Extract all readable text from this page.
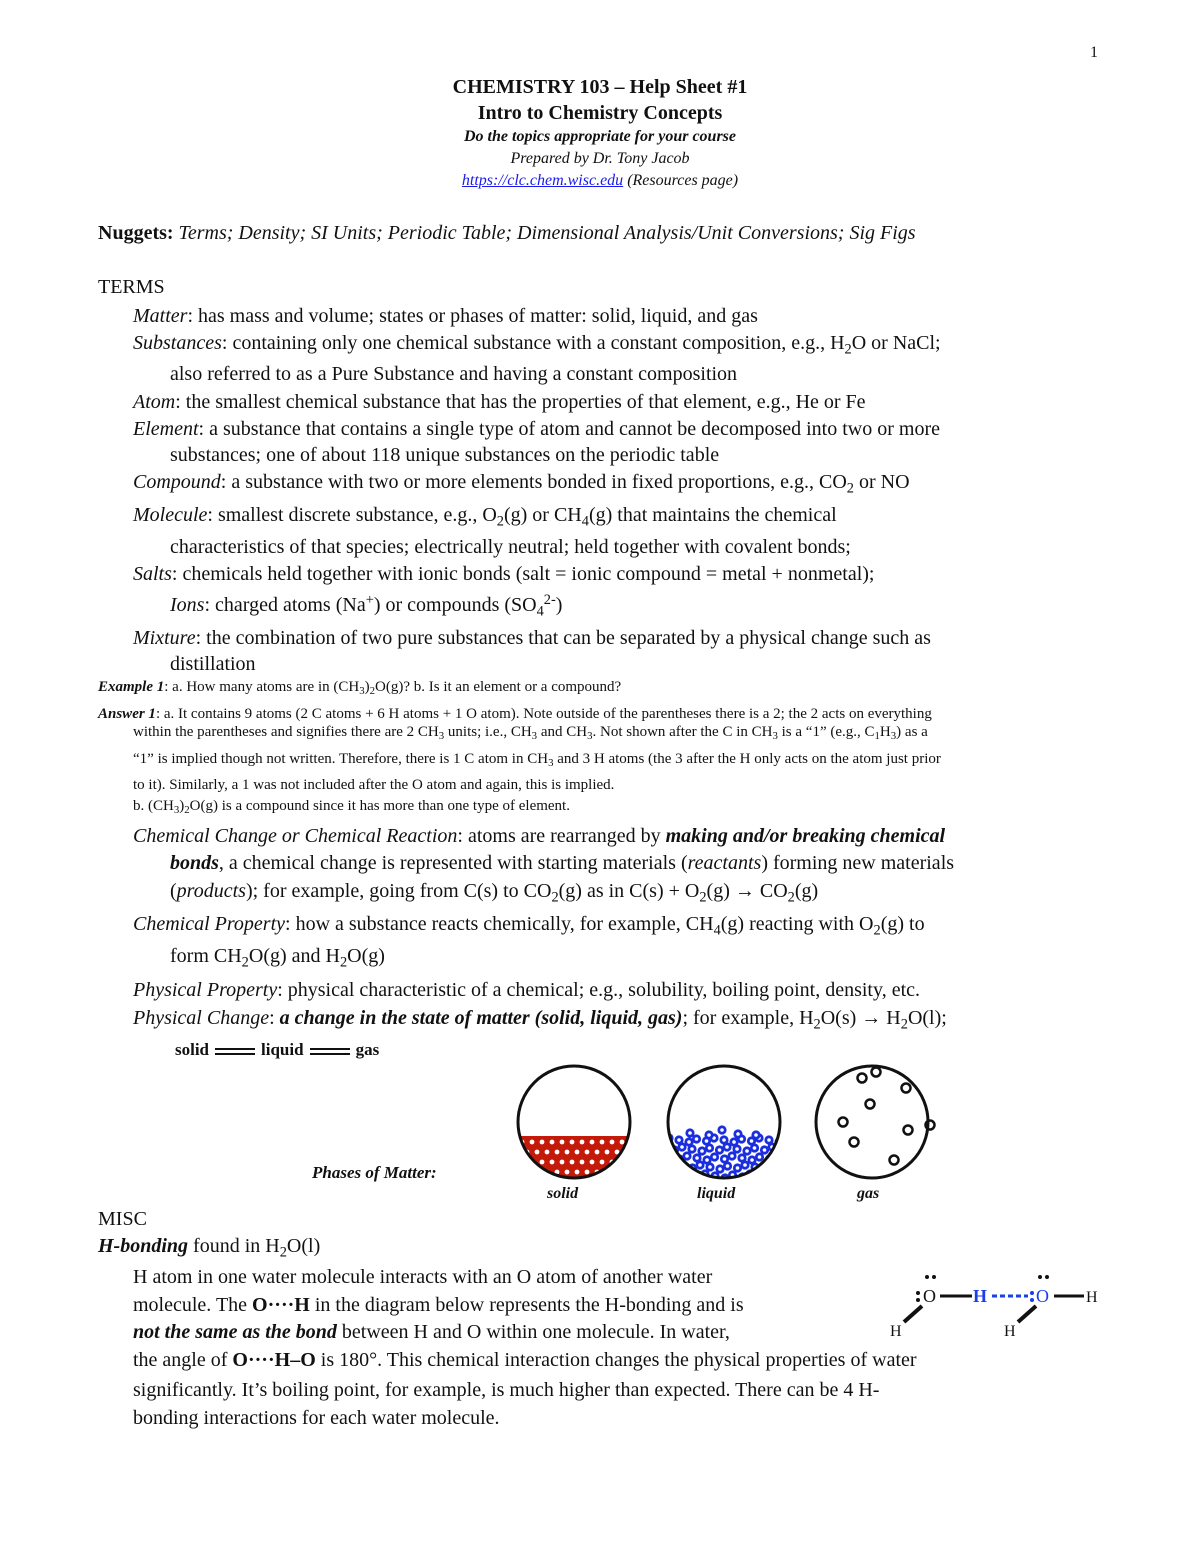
1
CHEMISTRY 103 – Help Sheet #1
Intro to Chemistry Concepts
Do the topics appropriate for your course
Prepared by Dr. Tony Jacob
https://clc.chem.wisc.edu (Resources page)
Nuggets: Terms; Density; SI Units; Periodic Table; Dimensional Analysis/Unit Conversions; Sig Figs
TERMS
Matter: has mass and volume; states or phases of matter: solid, liquid, and gas
Substances: containing only one chemical substance with a constant composition, e.g., $H_2O$ or NaCl;
also referred to as a Pure Substance and having a constant composition
Atom: the smallest chemical substance that has the properties of that element, e.g., He or Fe
Element: a substance that contains a single type of atom and cannot be decomposed into two or more
substances; one of about 118 unique substances on the periodic table
Compound: a substance with two or more elements bonded in fixed proportions, e.g., $CO_2$ or NO
Molecule: smallest discrete substance, e.g., $O_2(g)$ or $CH_4(g)$ that maintains the chemical
characteristics of that species; electrically neutral; held together with covalent bonds;
Salts: chemicals held together with ionic bonds (salt = ionic compound = metal + nonmetal);
Ions: charged atoms (Na+) or compounds $(SO_4^{2-})$
Mixture: the combination of two pure substances that can be separated by a physical change such as
distillation
Example 1: a. How many atoms are in $(CH_3)_2O(g)$? b. Is it an element or a compound?
Answer 1: a. It contains 9 atoms (2 C atoms + 6 H atoms + 1 O atom). Note outside of the parentheses there is a 2; the 2 acts on everything
within the parentheses and signifies there are 2 $CH_3$ units; i.e., $CH_3$ and $CH_3$. Not shown after the C in $CH_3$ is a “1” (e.g., $C_1H_3$) as a
“1” is implied though not written. Therefore, there is 1 C atom in $CH_3$ and 3 H atoms (the 3 after the H only acts on the atom just prior
to it). Similarly, a 1 was not included after the O atom and again, this is implied.
b. $(CH_3)_2O(g)$ is a compound since it has more than one type of element.
Chemical Change or Chemical Reaction: atoms are rearranged by making and/or breaking chemical
bonds, a chemical change is represented with starting materials (reactants) forming new materials
(products); for example, going from C(s) to $CO_2(g)$ as in $C(s) + O_2(g) \to CO_2(g)$
Chemical Property: how a substance reacts chemically, for example, $CH_4(g)$ reacting with $O_2(g)$ to
form $CH_2O(g)$ and $H_2O(g)$
Physical Property: physical characteristic of a chemical; e.g., solubility, boiling point, density, etc.
Physical Change: a change in the state of matter (solid, liquid, gas); for example, $H_2O(s) \to H_2O(l)$;
solid	liquid	gas
Phases of Matter:
solid	liquid	gas
MISC
H-bonding found in $H_2O(l)$
H atom in one water molecule interacts with an O atom of another water
molecule. The O····H in the diagram below represents the H-bonding and is
not the same as the bond between H and O within one molecule. In water,
the angle of O····H–O is 180°. This chemical interaction changes the physical properties of water
significantly. It’s boiling point, for example, is much higher than expected. There can be 4 H-
bonding interactions for each water molecule.
O H	O H
H	H
